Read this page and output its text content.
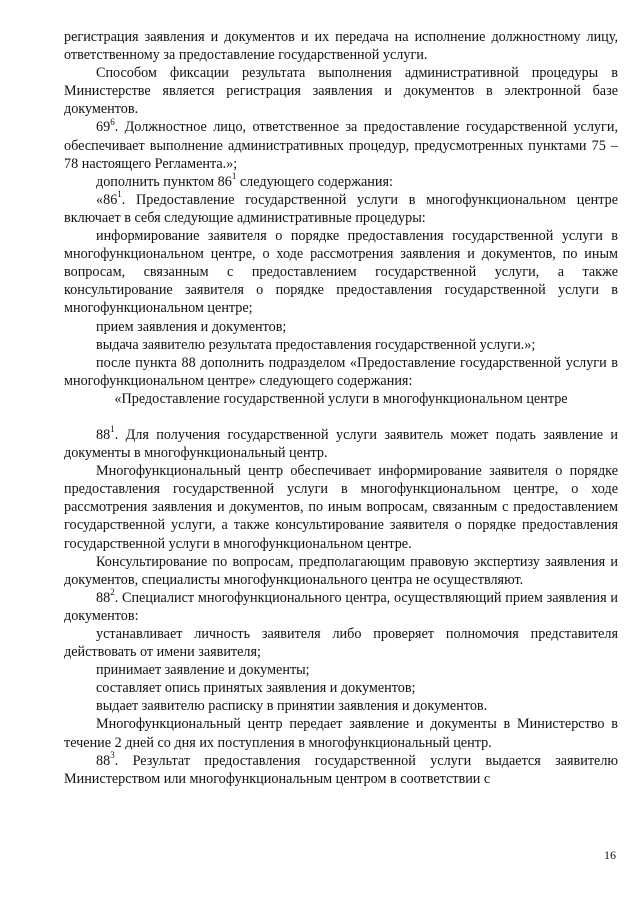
регистрация заявления и документов и их передача на исполнение должностному лицу, ответственному за предоставление государственной услуги.

Способом фиксации результата выполнения административной процедуры в Министерстве является регистрация заявления и документов в электронной базе документов.

$69^6$. Должностное лицо, ответственное за предоставление государственной услуги, обеспечивает выполнение административных процедур, предусмотренных пунктами 75 – 78 настоящего Регламента.»;

дополнить пунктом $86^1$ следующего содержания:

«$86^1$. Предоставление государственной услуги в многофункциональном центре включает в себя следующие административные процедуры:

информирование заявителя о порядке предоставления государственной услуги в многофункциональном центре, о ходе рассмотрения заявления и документов, по иным вопросам, связанным с предоставлением государственной услуги, а также консультирование заявителя о порядке предоставления государственной услуги в многофункциональном центре;

прием заявления и документов;

выдача заявителю результата предоставления государственной услуги.»;

после пункта 88 дополнить подразделом «Предоставление государственной услуги в многофункциональном центре» следующего содержания:

«Предоставление государственной услуги в многофункциональном центре

$88^1$. Для получения государственной услуги заявитель может подать заявление и документы в многофункциональный центр.

Многофункциональный центр обеспечивает информирование заявителя о порядке предоставления государственной услуги в многофункциональном центре, о ходе рассмотрения заявления и документов, по иным вопросам, связанным с предоставлением государственной услуги, а также консультирование заявителя о порядке предоставления государственной услуги в многофункциональном центре.

Консультирование по вопросам, предполагающим правовую экспертизу заявления и документов, специалисты многофункционального центра не осуществляют.

$88^2$. Специалист многофункционального центра, осуществляющий прием заявления и документов:

устанавливает личность заявителя либо проверяет полномочия представителя действовать от имени заявителя;

принимает заявление и документы;

составляет опись принятых заявления и документов;

выдает заявителю расписку в принятии заявления и документов.

Многофункциональный центр передает заявление и документы в Министерство в течение 2 дней со дня их поступления в многофункциональный центр.

$88^3$. Результат предоставления государственной услуги выдается заявителю Министерством или многофункциональным центром в соответствии с

16
